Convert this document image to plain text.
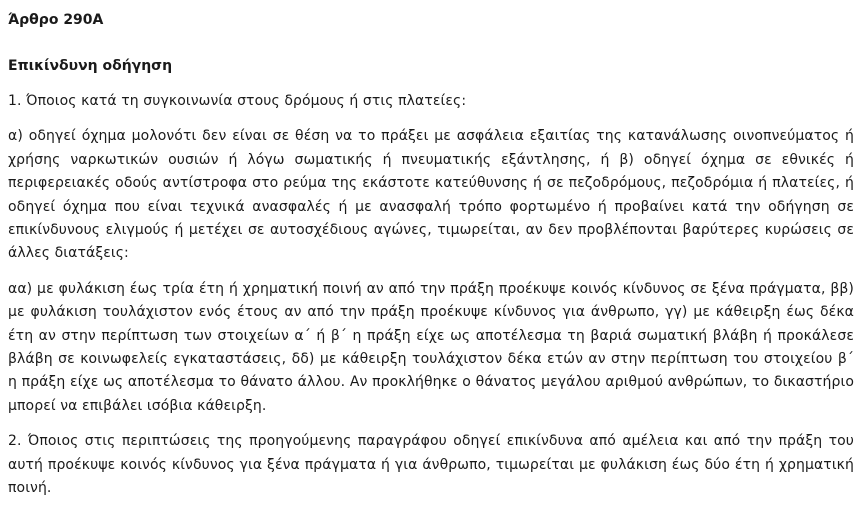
Άρθρο 290Α
Επικίνδυνη οδήγηση

1. Όποιος κατά τη συγκοινωνία στους δρόμους ή στις πλατείες:

α) οδηγεί όχημα μολονότι δεν είναι σε θέση να το πράξει με ασφάλεια εξαιτίας της κατανάλωσης οινοπνεύματος ή χρήσης ναρκωτικών ουσιών ή λόγω σωματικής ή πνευματικής εξάντλησης, ή β) οδηγεί όχημα σε εθνικές ή περιφερειακές οδούς αντίστροφα στο ρεύμα της εκάστοτε κατεύθυνσης ή σε πεζοδρόμους, πεζοδρόμια ή πλατείες, ή οδηγεί όχημα που είναι τεχνικά ανασφαλές ή με ανασφαλή τρόπο φορτωμένο ή προβαίνει κατά την οδήγηση σε επικίνδυνους ελιγμούς ή μετέχει σε αυτοσχέδιους αγώνες, τιμωρείται, αν δεν προβλέπονται βαρύτερες κυρώσεις σε άλλες διατάξεις:

αα) με φυλάκιση έως τρία έτη ή χρηματική ποινή αν από την πράξη προέκυψε κοινός κίνδυνος σε ξένα πράγματα, ββ) με φυλάκιση τουλάχιστον ενός έτους αν από την πράξη προέκυψε κίνδυνος για άνθρωπο, γγ) με κάθειρξη έως δέκα έτη αν στην περίπτωση των στοιχείων α΄ ή β΄ η πράξη είχε ως αποτέλεσμα τη βαριά σωματική βλάβη ή προκάλεσε βλάβη σε κοινωφελείς εγκαταστάσεις, δδ) με κάθειρξη τουλάχιστον δέκα ετών αν στην περίπτωση του στοιχείου β΄ η πράξη είχε ως αποτέλεσμα το θάνατο άλλου. Αν προκλήθηκε ο θάνατος μεγάλου αριθμού ανθρώπων, το δικαστήριο μπορεί να επιβάλει ισόβια κάθειρξη.

2. Όποιος στις περιπτώσεις της προηγούμενης παραγράφου οδηγεί επικίνδυνα από αμέλεια και από την πράξη του αυτή προέκυψε κοινός κίνδυνος για ξένα πράγματα ή για άνθρωπο, τιμωρείται με φυλάκιση έως δύο έτη ή χρηματική ποινή.
